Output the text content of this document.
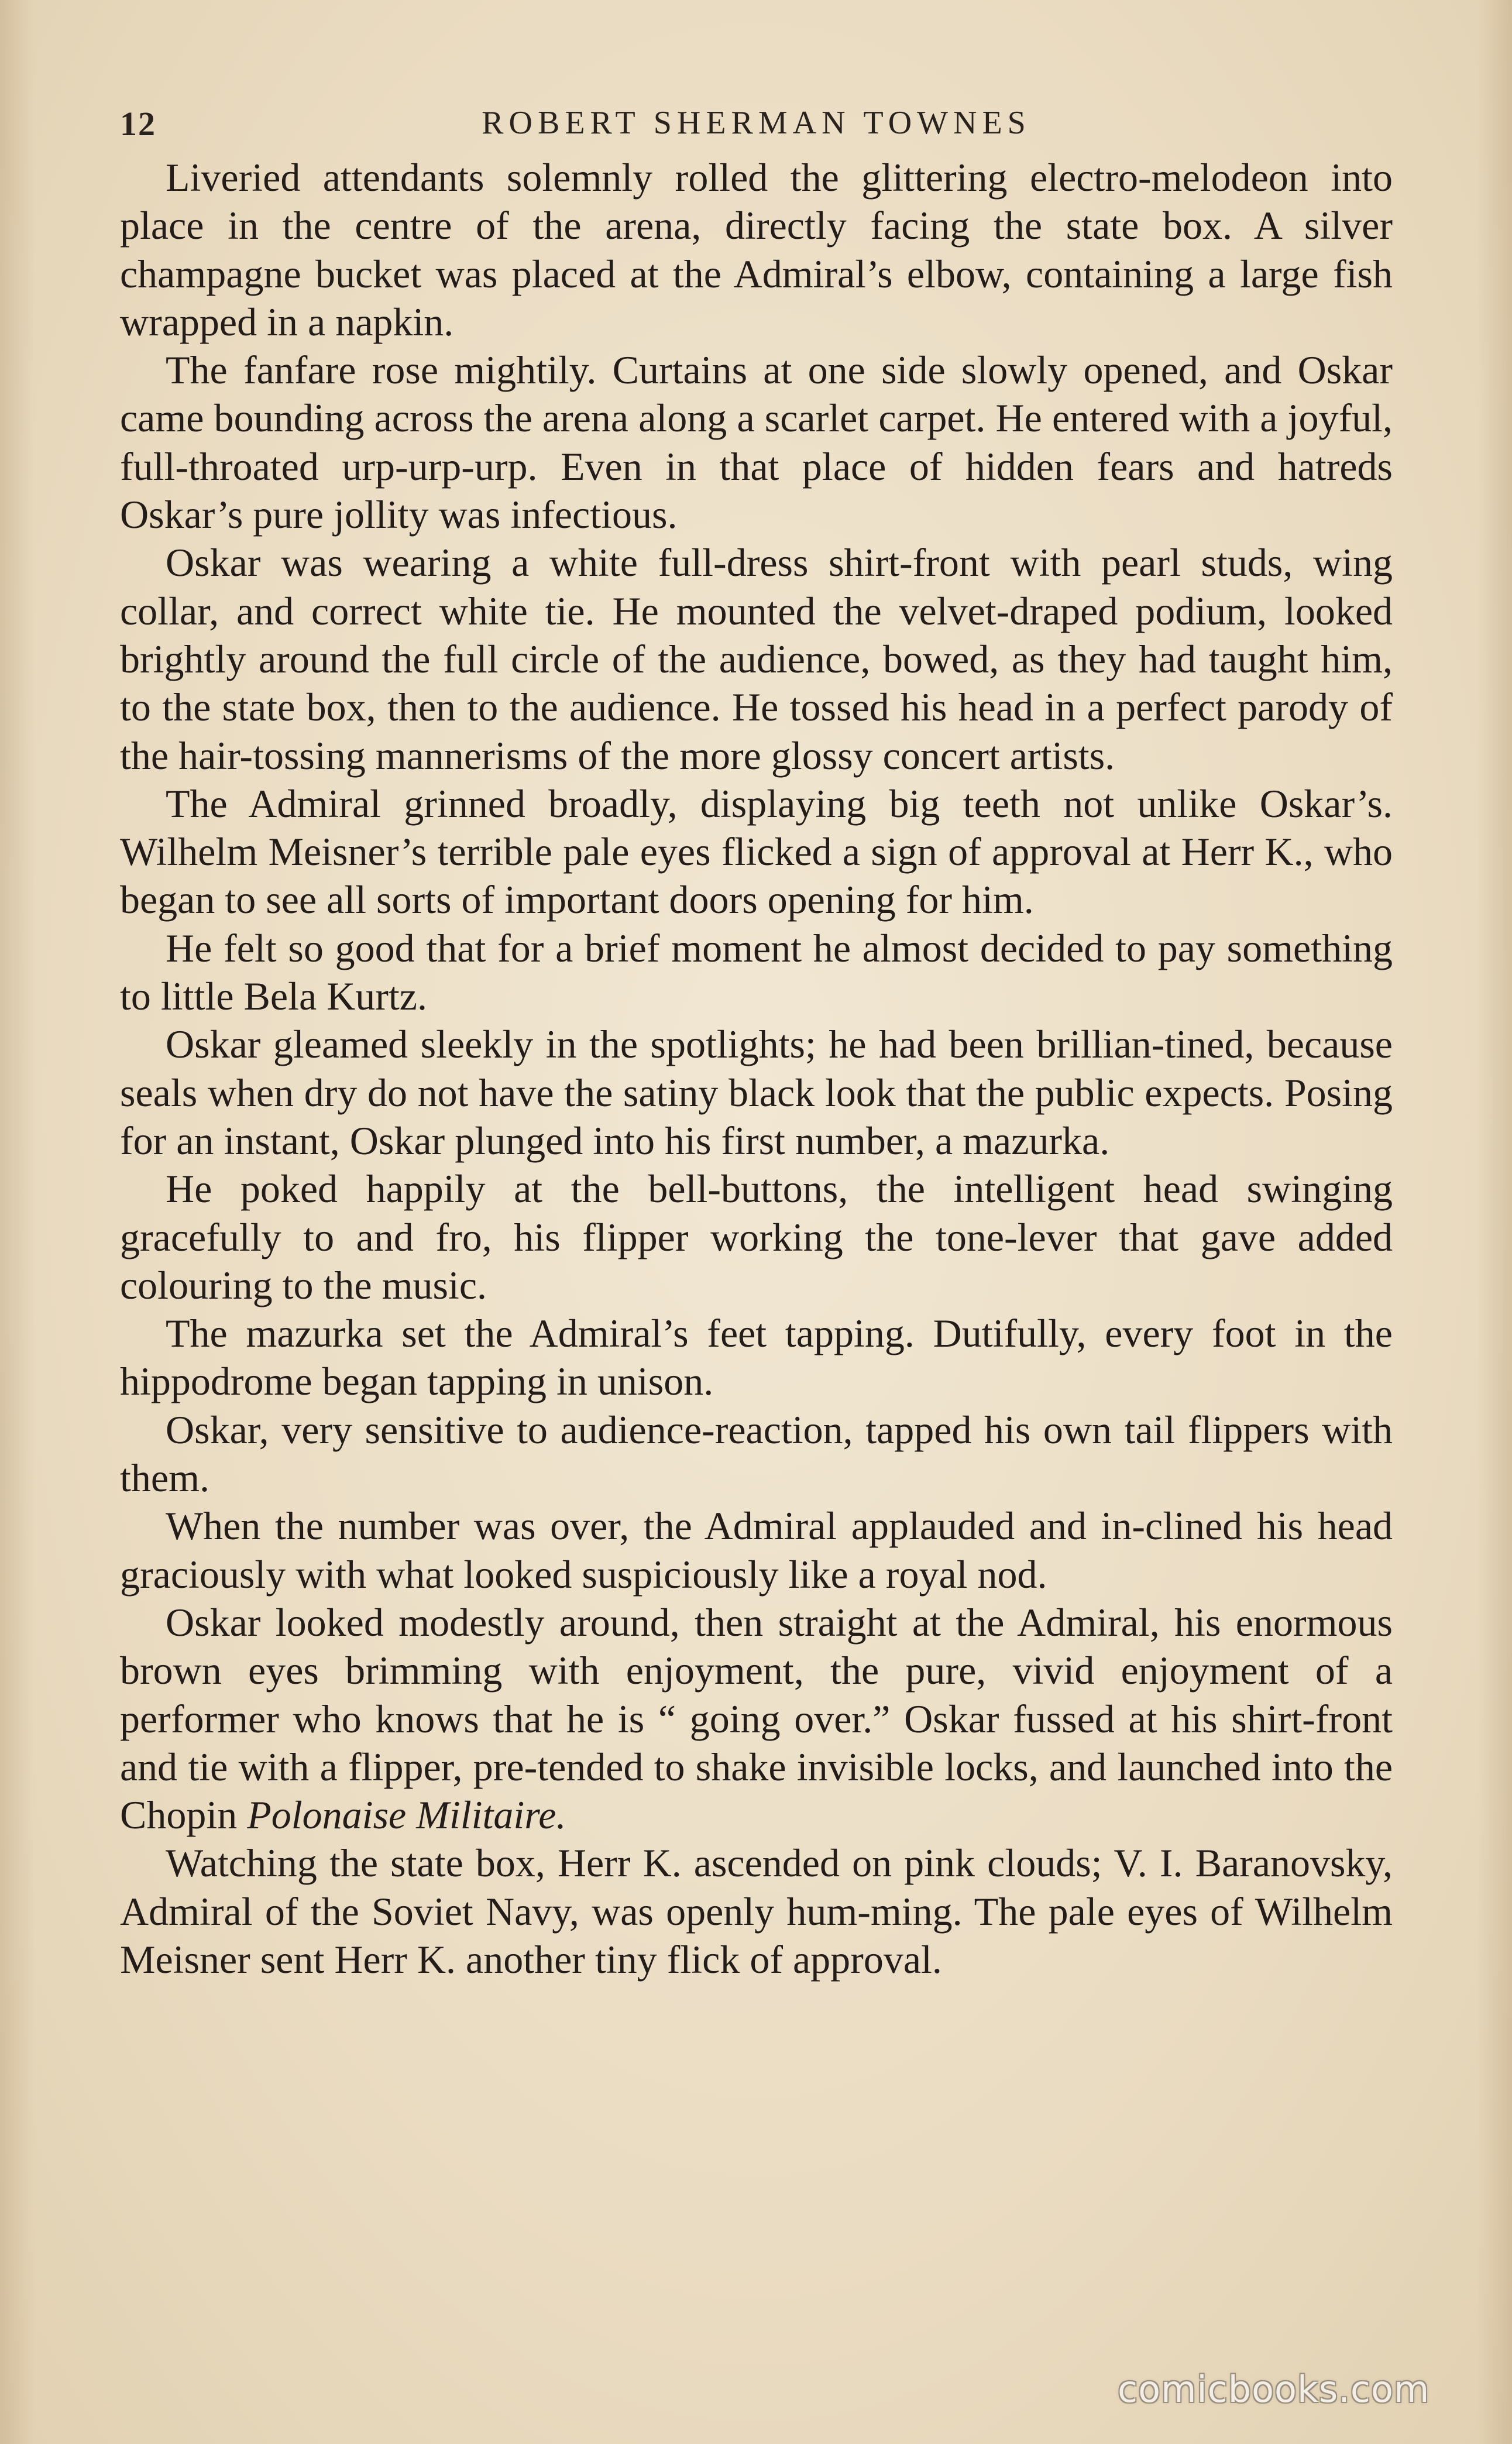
12	ROBERT SHERMAN TOWNES

Liveried attendants solemnly rolled the glittering electro-melodeon into place in the centre of the arena, directly facing the state box. A silver champagne bucket was placed at the Admiral’s elbow, containing a large fish wrapped in a napkin.

The fanfare rose mightily. Curtains at one side slowly opened, and Oskar came bounding across the arena along a scarlet carpet. He entered with a joyful, full-throated urp-urp-urp. Even in that place of hidden fears and hatreds Oskar’s pure jollity was infectious.

Oskar was wearing a white full-dress shirt-front with pearl studs, wing collar, and correct white tie. He mounted the velvet-draped podium, looked brightly around the full circle of the audience, bowed, as they had taught him, to the state box, then to the audience. He tossed his head in a perfect parody of the hair-tossing mannerisms of the more glossy concert artists.

The Admiral grinned broadly, displaying big teeth not unlike Oskar’s. Wilhelm Meisner’s terrible pale eyes flicked a sign of approval at Herr K., who began to see all sorts of important doors opening for him.

He felt so good that for a brief moment he almost decided to pay something to little Bela Kurtz.

Oskar gleamed sleekly in the spotlights; he had been brillian-tined, because seals when dry do not have the satiny black look that the public expects. Posing for an instant, Oskar plunged into his first number, a mazurka.

He poked happily at the bell-buttons, the intelligent head swinging gracefully to and fro, his flipper working the tone-lever that gave added colouring to the music.

The mazurka set the Admiral’s feet tapping. Dutifully, every foot in the hippodrome began tapping in unison.

Oskar, very sensitive to audience-reaction, tapped his own tail flippers with them.

When the number was over, the Admiral applauded and in-clined his head graciously with what looked suspiciously like a royal nod.

Oskar looked modestly around, then straight at the Admiral, his enormous brown eyes brimming with enjoyment, the pure, vivid enjoyment of a performer who knows that he is “ going over.” Oskar fussed at his shirt-front and tie with a flipper, pre-tended to shake invisible locks, and launched into the Chopin Polonaise Militaire.

Watching the state box, Herr K. ascended on pink clouds; V. I. Baranovsky, Admiral of the Soviet Navy, was openly hum-ming. The pale eyes of Wilhelm Meisner sent Herr K. another tiny flick of approval.

comicbooks.com
